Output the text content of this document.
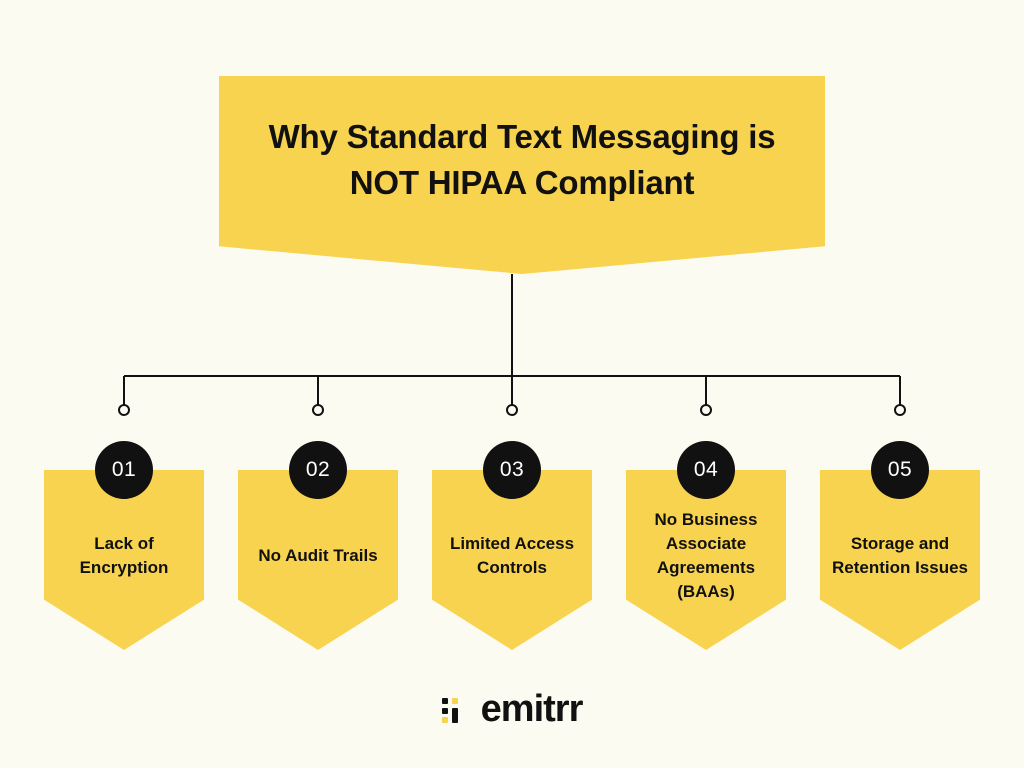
Why Standard Text Messaging is NOT HIPAA Compliant
01
Lack of Encryption
02
No Audit Trails
03
Limited Access Controls
04
No Business Associate Agreements (BAAs)
05
Storage and Retention Issues
emitrr
